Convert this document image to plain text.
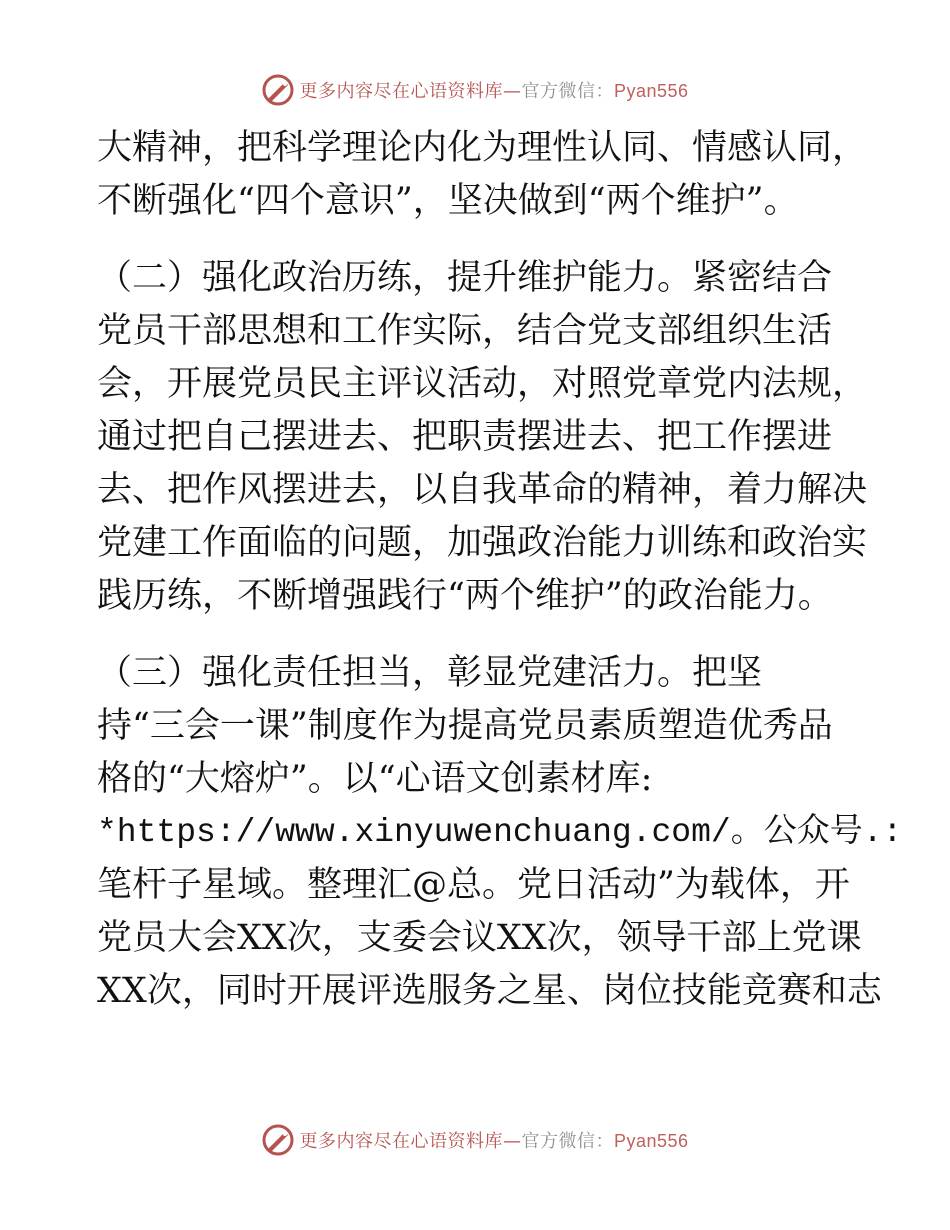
更多内容尽在心语资料库—官方微信：Pyan556
大精神，把科学理论内化为理性认同、情感认同，
不断强化“四个意识”，坚决做到“两个维护”。
（二）强化政治历练，提升维护能力。紧密结合
党员干部思想和工作实际，结合党支部组织生活
会，开展党员民主评议活动，对照党章党内法规，
通过把自己摆进去、把职责摆进去、把工作摆进
去、把作风摆进去，以自我革命的精神，着力解决
党建工作面临的问题，加强政治能力训练和政治实
践历练，不断增强践行“两个维护”的政治能力。
（三）强化责任担当，彰显党建活力。把坚
持“三会一课”制度作为提高党员素质塑造优秀品
格的“大熔炉”。以“心语文创素材库:
*https://www.xinyuwenchuang.com/。公众号.:
笔杆子星域。整理汇@总。党日活动”为载体，开
党员大会XX次，支委会议XX次，领导干部上党课
XX次，同时开展评选服务之星、岗位技能竞赛和志
更多内容尽在心语资料库—官方微信：Pyan556
